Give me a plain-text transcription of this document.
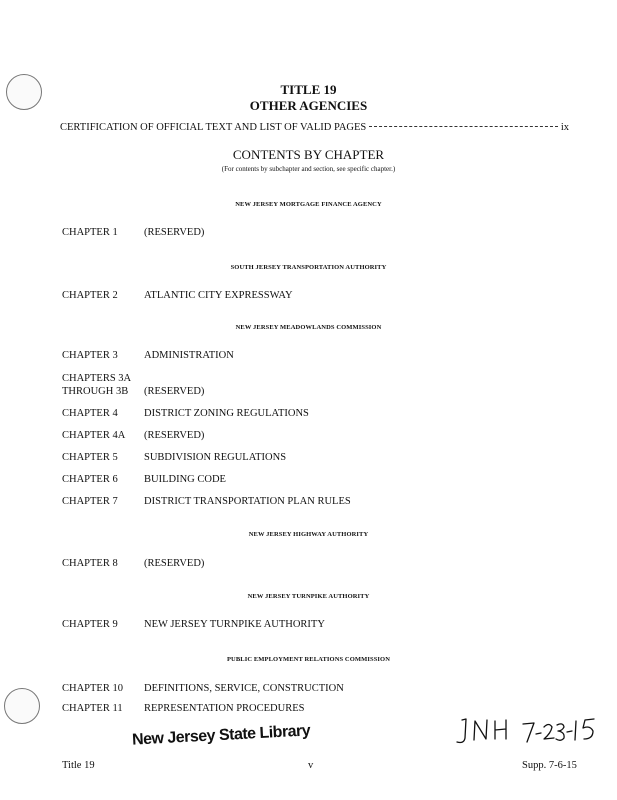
TITLE 19
OTHER AGENCIES
CERTIFICATION OF OFFICIAL TEXT AND LIST OF VALID PAGES	ix
CONTENTS BY CHAPTER
(For contents by subchapter and section, see specific chapter.)
NEW JERSEY MORTGAGE FINANCE AGENCY
CHAPTER 1	(RESERVED)
SOUTH JERSEY TRANSPORTATION AUTHORITY
CHAPTER 2	ATLANTIC CITY EXPRESSWAY
NEW JERSEY MEADOWLANDS COMMISSION
CHAPTER 3	ADMINISTRATION
CHAPTERS 3A
THROUGH 3B	(RESERVED)
CHAPTER 4	DISTRICT ZONING REGULATIONS
CHAPTER 4A	(RESERVED)
CHAPTER 5	SUBDIVISION REGULATIONS
CHAPTER 6	BUILDING CODE
CHAPTER 7	DISTRICT TRANSPORTATION PLAN RULES
NEW JERSEY HIGHWAY AUTHORITY
CHAPTER 8	(RESERVED)
NEW JERSEY TURNPIKE AUTHORITY
CHAPTER 9	NEW JERSEY TURNPIKE AUTHORITY
PUBLIC EMPLOYMENT RELATIONS COMMISSION
CHAPTER 10	DEFINITIONS, SERVICE, CONSTRUCTION
CHAPTER 11	REPRESENTATION PROCEDURES
New Jersey State Library
Title 19	v	Supp. 7-6-15
